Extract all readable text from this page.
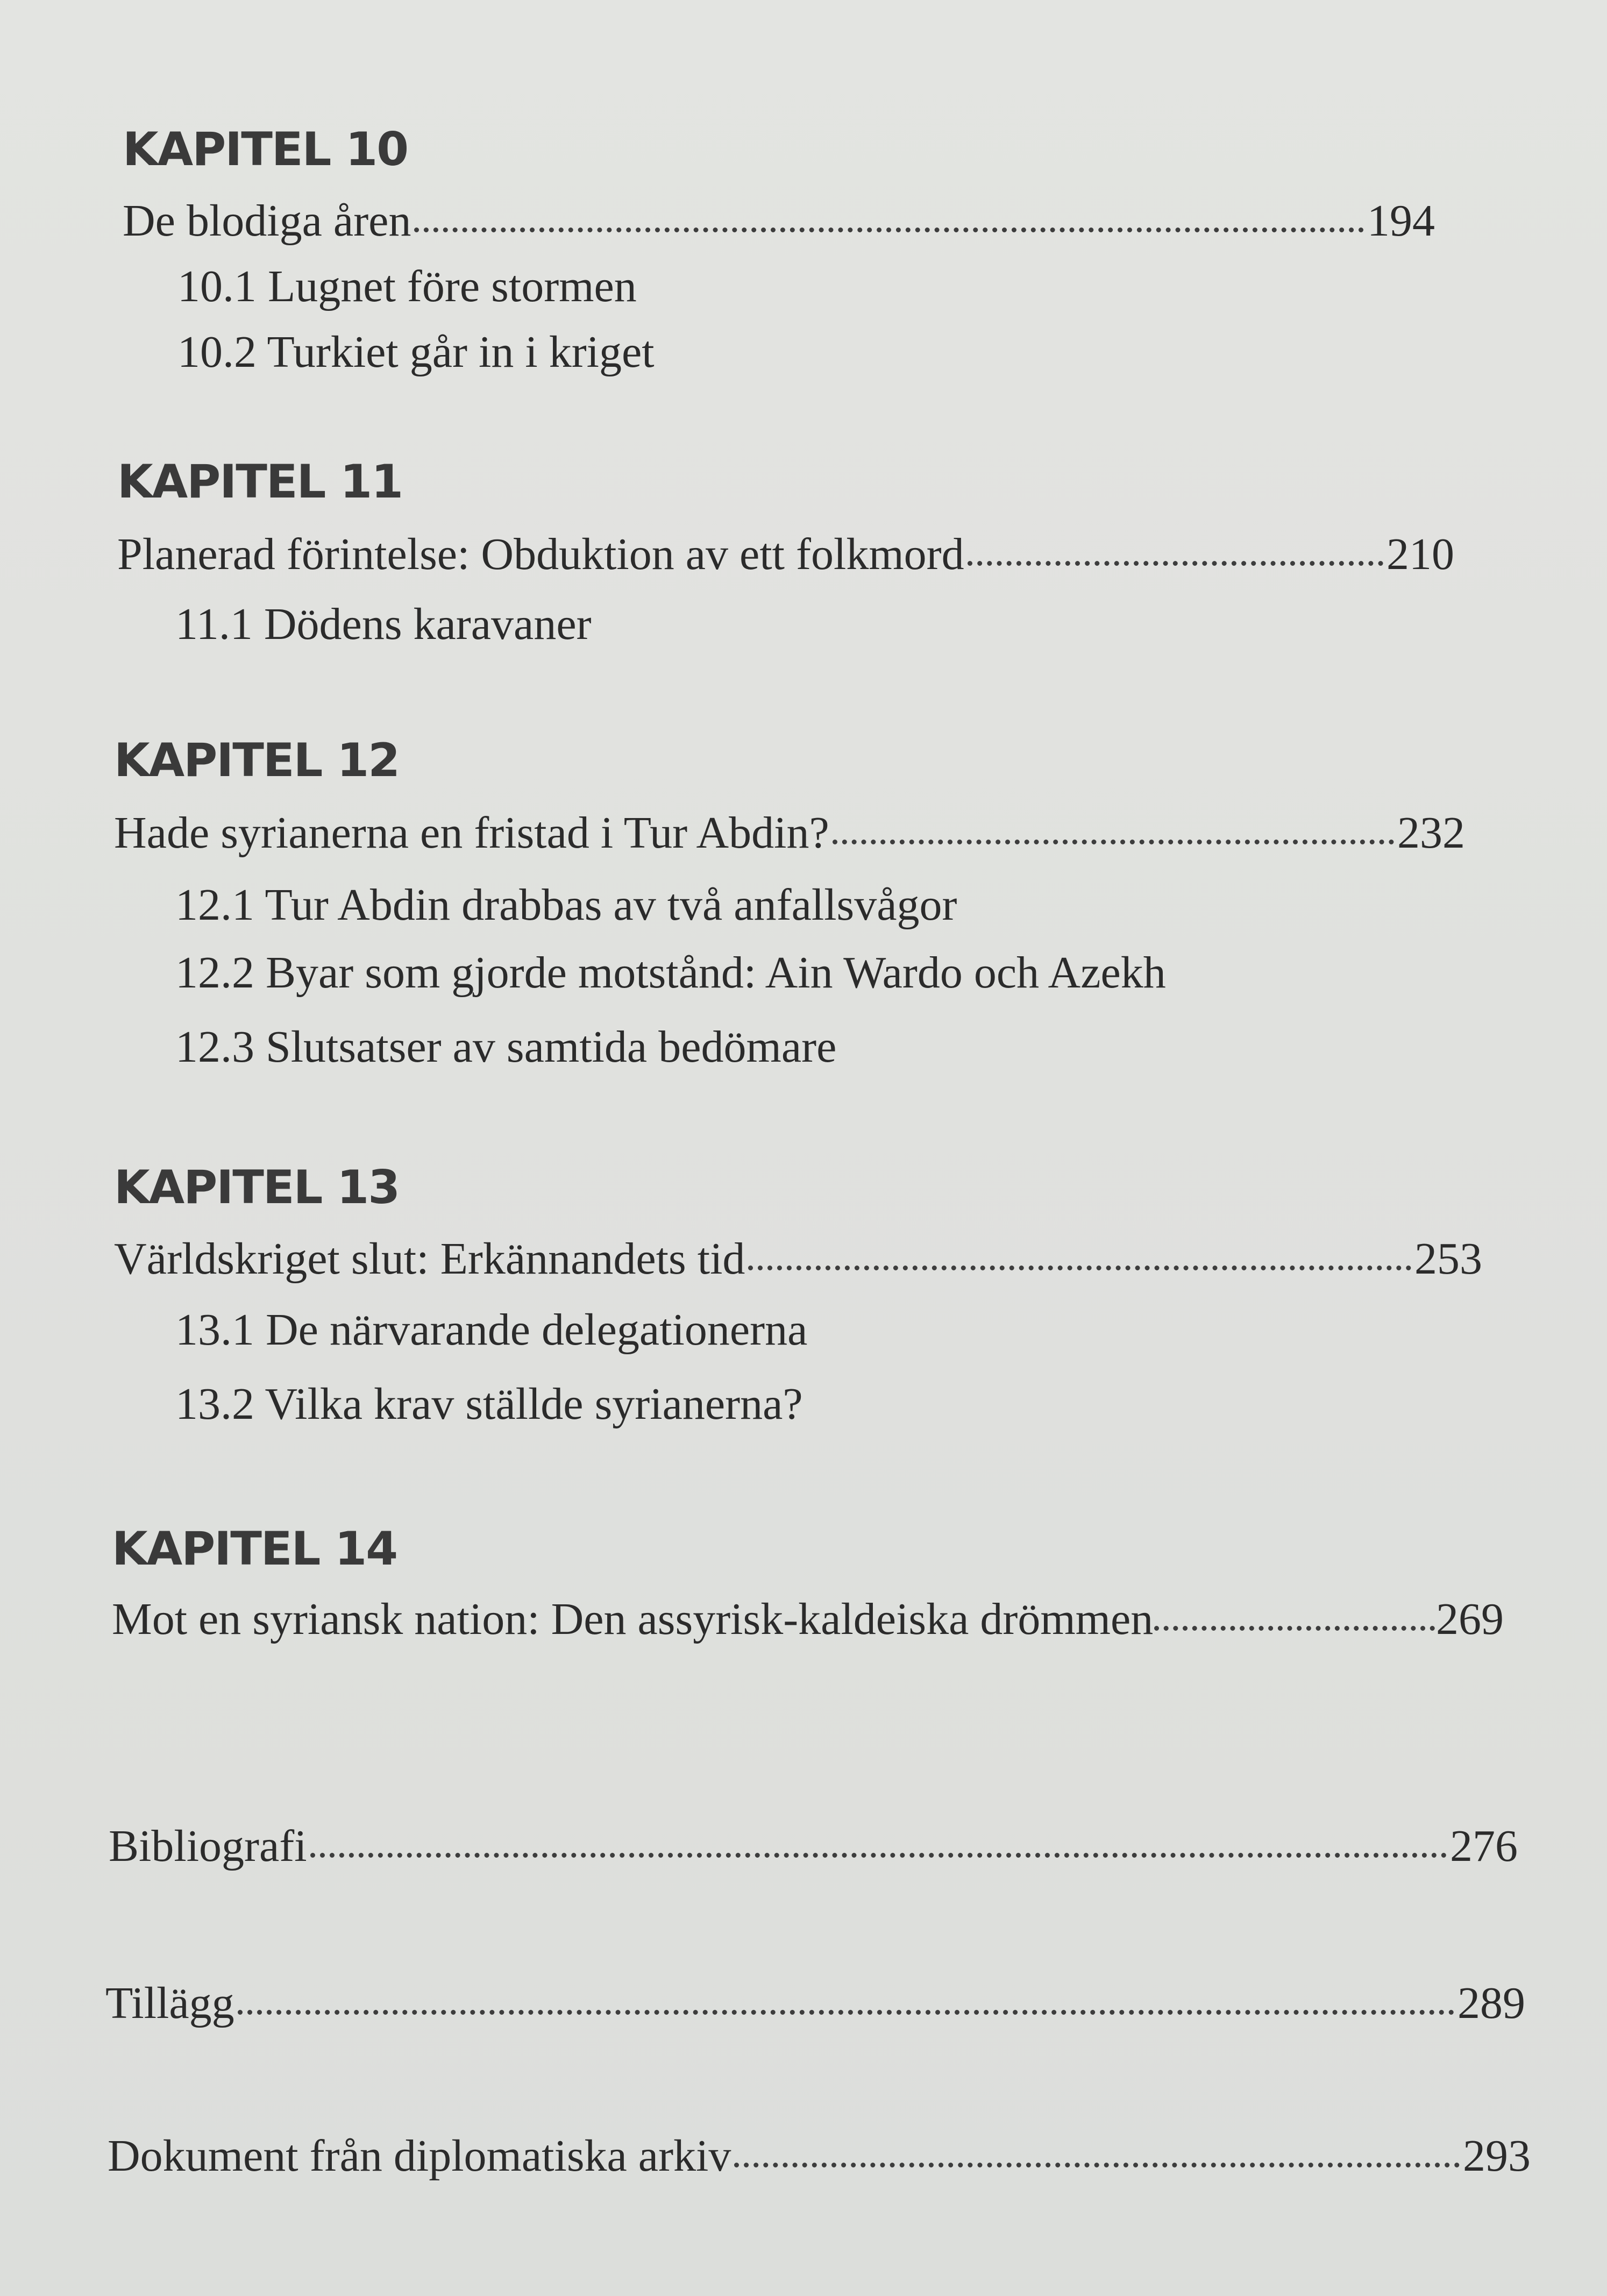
KAPITEL 10
De blodiga åren	194
10.1 Lugnet före stormen
10.2 Turkiet går in i kriget
KAPITEL 11
Planerad förintelse: Obduktion av ett folkmord	210
11.1 Dödens karavaner
KAPITEL 12
Hade syrianerna en fristad i Tur Abdin?	232
12.1 Tur Abdin drabbas av två anfallsvågor
12.2 Byar som gjorde motstånd: Ain Wardo och Azekh
12.3 Slutsatser av samtida bedömare
KAPITEL 13
Världskriget slut: Erkännandets tid	253
13.1 De närvarande delegationerna
13.2 Vilka krav ställde syrianerna?
KAPITEL 14
Mot en syriansk nation: Den assyrisk-kaldeiska drömmen	269
Bibliografi	276
Tillägg	289
Dokument från diplomatiska arkiv	293
